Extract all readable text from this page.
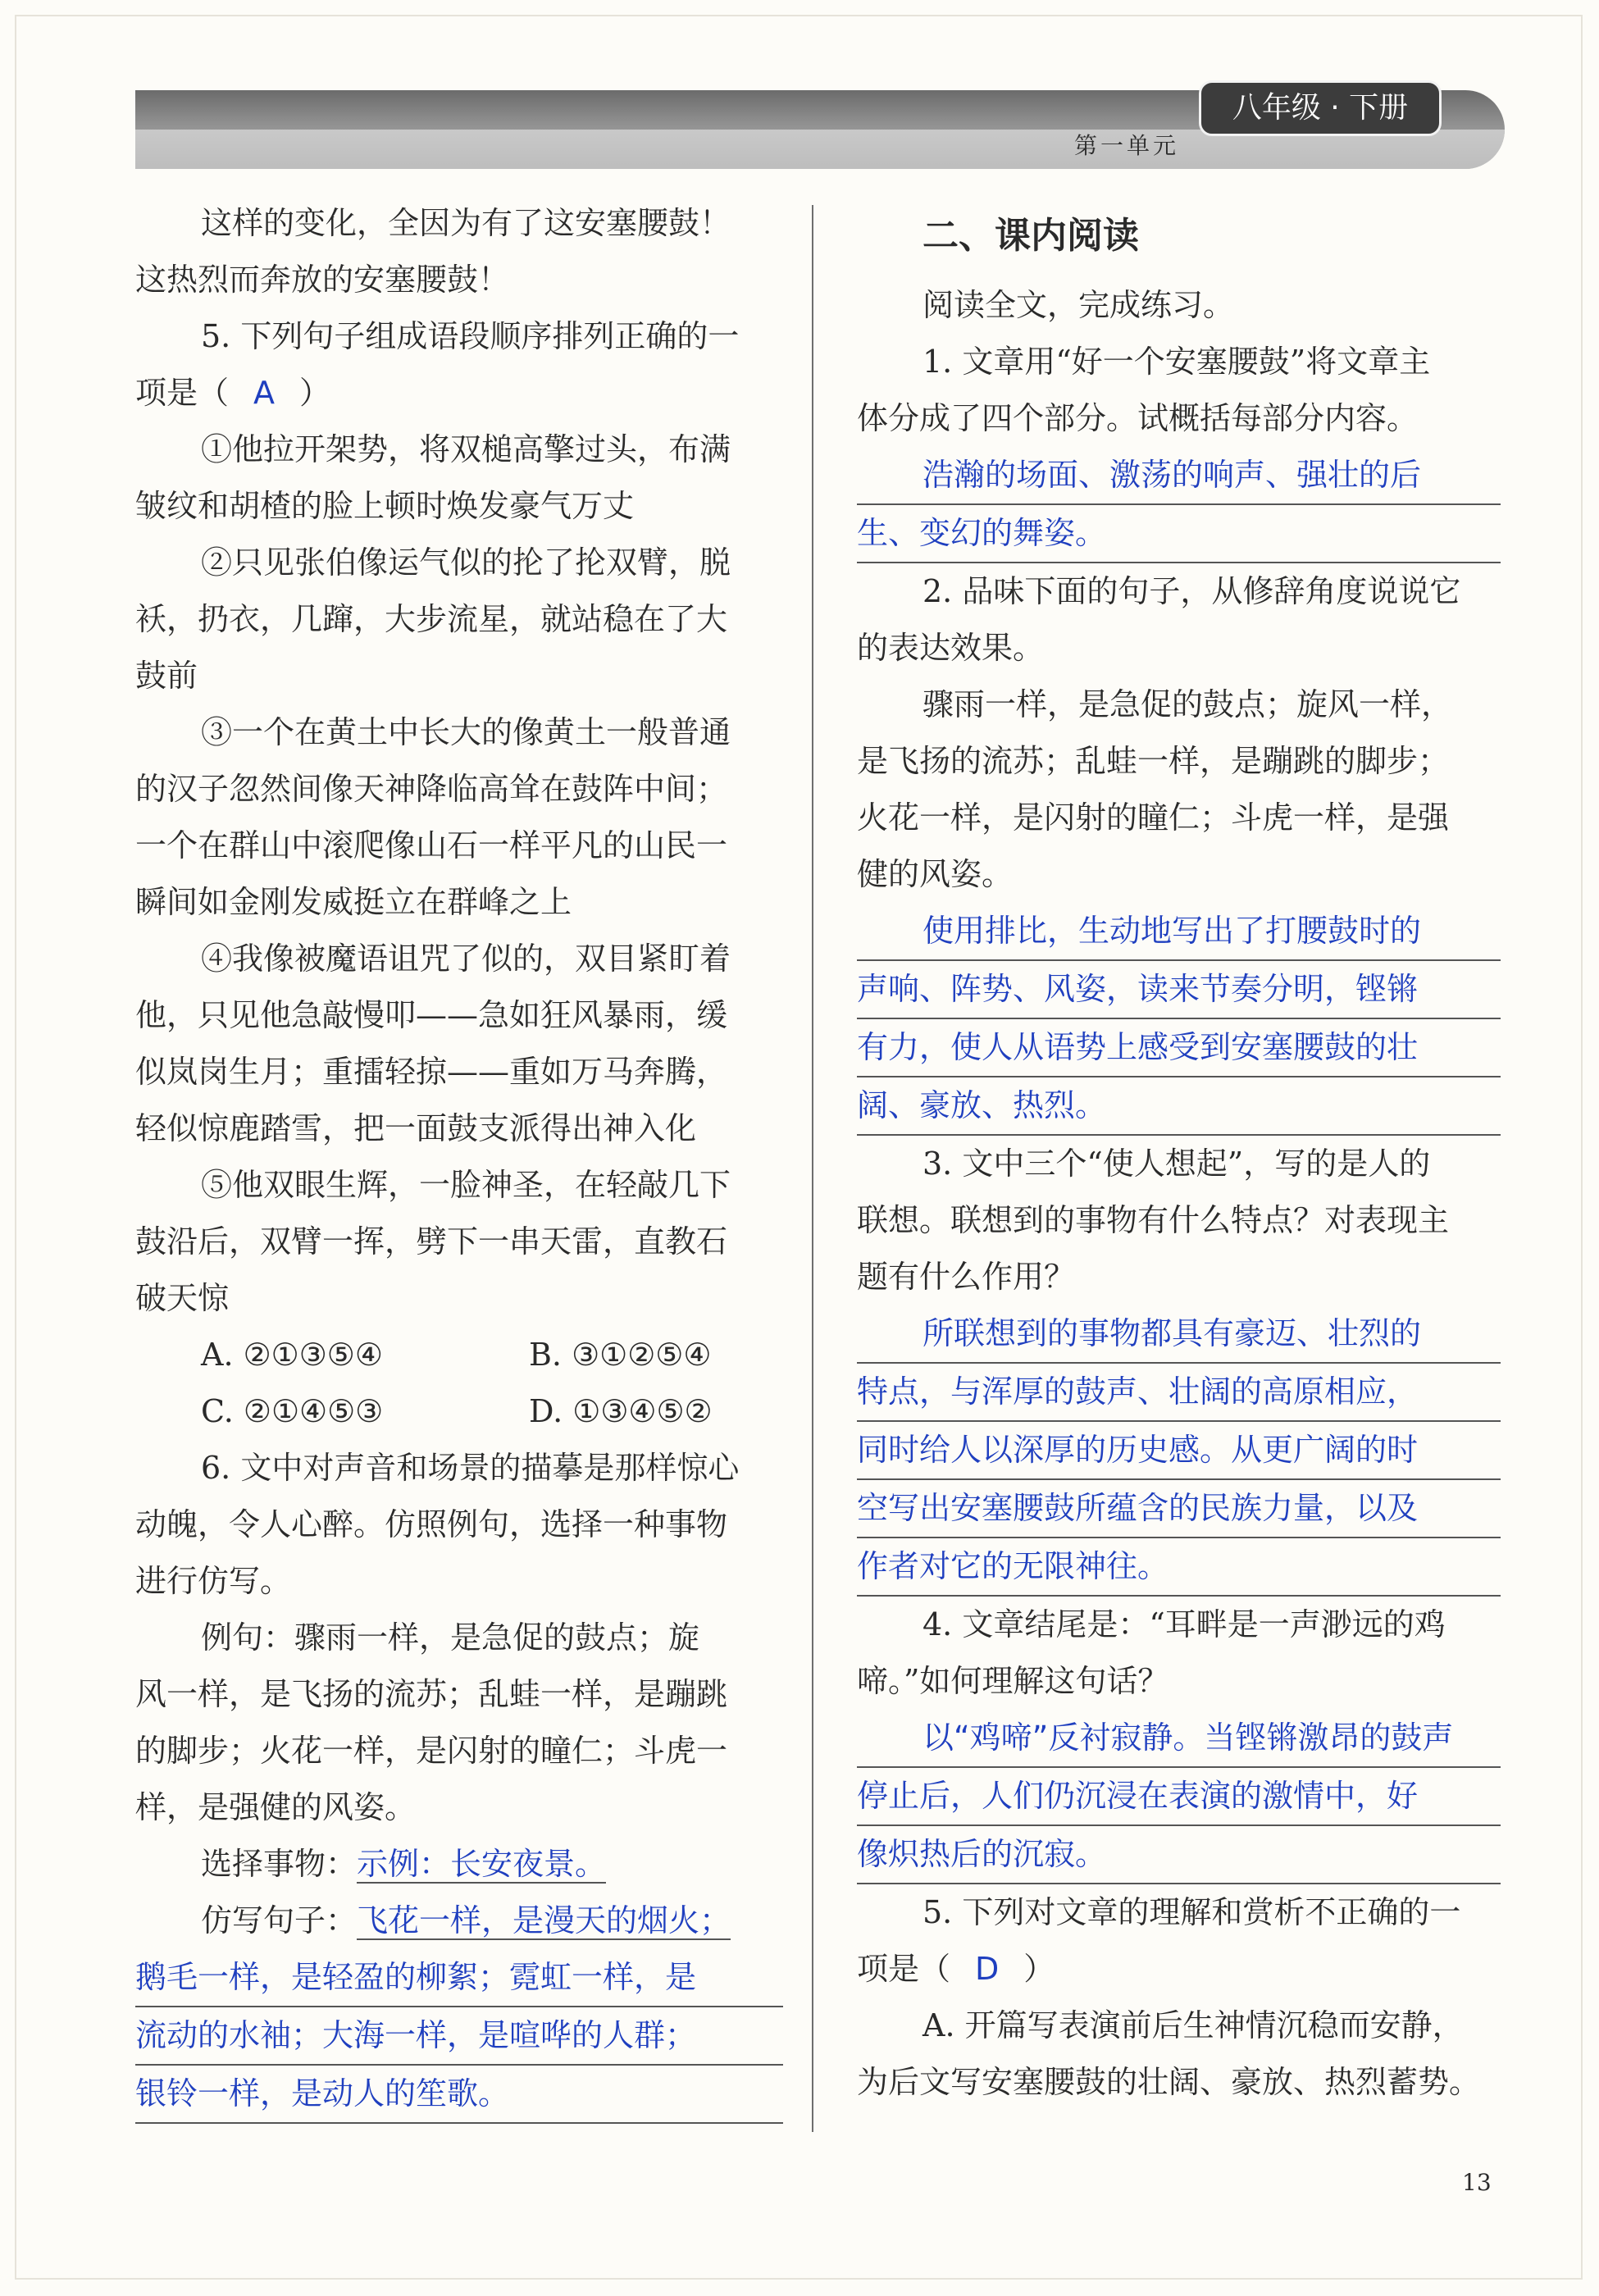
八年级 · 下册
第一单元
这样的变化，全因为有了这安塞腰鼓！
这热烈而奔放的安塞腰鼓！
5. 下列句子组成语段顺序排列正确的一
项是（ A ）
①他拉开架势，将双槌高擎过头，布满
皱纹和胡楂的脸上顿时焕发豪气万丈
②只见张伯像运气似的抡了抡双臂，脱
袄，扔衣，几蹿，大步流星，就站稳在了大
鼓前
③一个在黄土中长大的像黄土一般普通
的汉子忽然间像天神降临高耸在鼓阵中间；
一个在群山中滚爬像山石一样平凡的山民一
瞬间如金刚发威挺立在群峰之上
④我像被魔语诅咒了似的，双目紧盯着
他，只见他急敲慢叩——急如狂风暴雨，缓
似岚岗生月；重擂轻掠——重如万马奔腾，
轻似惊鹿踏雪，把一面鼓支派得出神入化
⑤他双眼生辉，一脸神圣，在轻敲几下
鼓沿后，双臂一挥，劈下一串天雷，直教石
破天惊
A. ②①③⑤④	B. ③①②⑤④
C. ②①④⑤③	D. ①③④⑤②
6. 文中对声音和场景的描摹是那样惊心
动魄，令人心醉。仿照例句，选择一种事物
进行仿写。
例句：骤雨一样，是急促的鼓点；旋
风一样，是飞扬的流苏；乱蛙一样，是蹦跳
的脚步；火花一样，是闪射的瞳仁；斗虎一
样，是强健的风姿。
选择事物：示例：长安夜景。
仿写句子：飞花一样，是漫天的烟火；
鹅毛一样，是轻盈的柳絮；霓虹一样，是
流动的水袖；大海一样，是喧哗的人群；
银铃一样，是动人的笙歌。
二、课内阅读
阅读全文，完成练习。
1. 文章用“好一个安塞腰鼓”将文章主
体分成了四个部分。试概括每部分内容。
浩瀚的场面、激荡的响声、强壮的后
生、变幻的舞姿。
2. 品味下面的句子，从修辞角度说说它
的表达效果。
骤雨一样，是急促的鼓点；旋风一样，
是飞扬的流苏；乱蛙一样，是蹦跳的脚步；
火花一样，是闪射的瞳仁；斗虎一样，是强
健的风姿。
使用排比，生动地写出了打腰鼓时的
声响、阵势、风姿，读来节奏分明，铿锵
有力，使人从语势上感受到安塞腰鼓的壮
阔、豪放、热烈。
3. 文中三个“使人想起”，写的是人的
联想。联想到的事物有什么特点？对表现主
题有什么作用？
所联想到的事物都具有豪迈、壮烈的
特点，与浑厚的鼓声、壮阔的高原相应，
同时给人以深厚的历史感。从更广阔的时
空写出安塞腰鼓所蕴含的民族力量，以及
作者对它的无限神往。
4. 文章结尾是：“耳畔是一声渺远的鸡
啼。”如何理解这句话？
以“鸡啼”反衬寂静。当铿锵激昂的鼓声
停止后，人们仍沉浸在表演的激情中，好
像炽热后的沉寂。
5. 下列对文章的理解和赏析不正确的一
项是（ D ）
A. 开篇写表演前后生神情沉稳而安静，
为后文写安塞腰鼓的壮阔、豪放、热烈蓄势。
13
